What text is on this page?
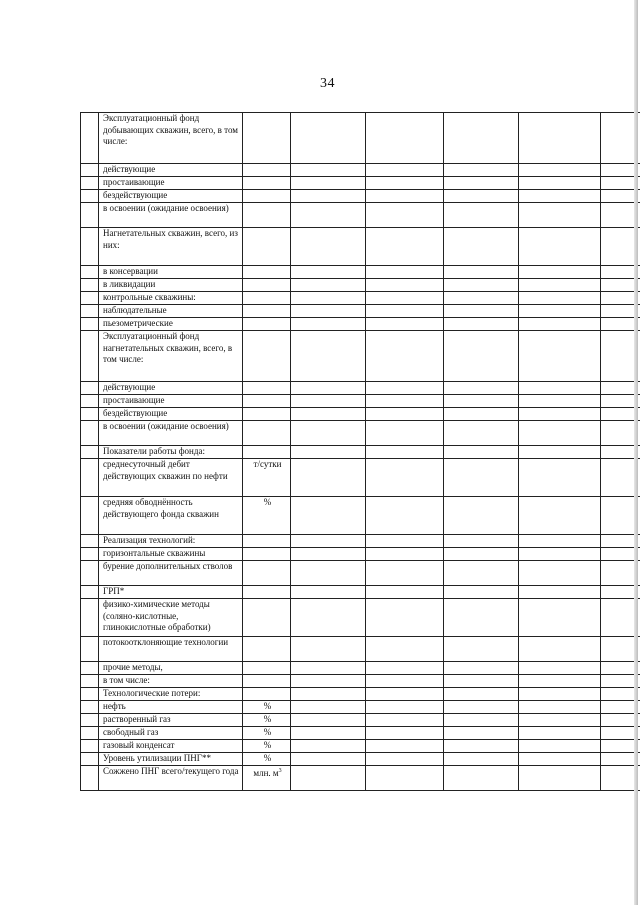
34
	Эксплуатационный фонд добывающих скважин, всего, в том числе:						
	действующие						
	простаивающие						
	бездействующие						
	в освоении (ожидание освоения)						
	Нагнетательных скважин, всего, из них:						
	в консервации						
	в ликвидации						
	контрольные скважины:						
	наблюдательные						
	пьезометрические						
	Эксплуатационный фонд нагнетательных скважин, всего, в том числе:						
	действующие						
	простаивающие						
	бездействующие						
	в освоении (ожидание освоения)						
	Показатели работы фонда:						
	среднесуточный дебит действующих скважин по нефти	т/сутки					
	средняя обводнённость действующего фонда скважин	%					
	Реализация технологий:						
	горизонтальные скважины						
	бурение дополнительных стволов						
	ГРП*						
	физико-химические методы (соляно-кислотные, глинокислотные обработки)						
	потокоотклоняющие технологии						
	прочие методы,						
	в том числе:						
	Технологические потери:						
	нефть	%					
	растворенный газ	%					
	свободный газ	%					
	газовый конденсат	%					
	Уровень утилизации ПНГ**	%					
	Сожжено ПНГ всего/текущего года	млн. $м^3$					
